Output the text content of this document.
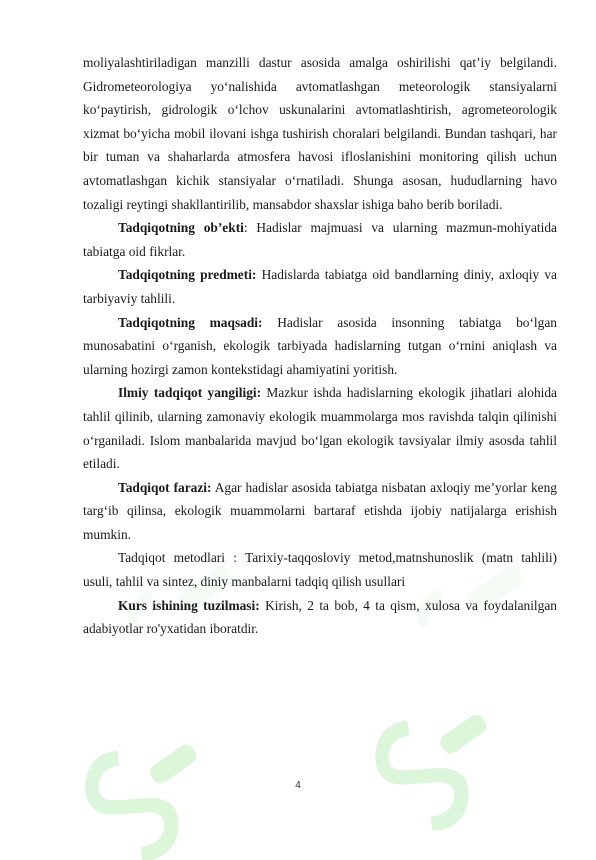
moliyalashtiriladigan manzilli dastur asosida amalga oshirilishi qat’iy belgilandi. Gidrometeorologiya yo‘nalishida avtomatlashgan meteorologik stansiyalarni ko‘paytirish, gidrologik o‘lchov uskunalarini avtomatlashtirish, agrometeorologik xizmat bo‘yicha mobil ilovani ishga tushirish choralari belgilandi. Bundan tashqari, har bir tuman va shaharlarda atmosfera havosi ifloslanishini monitoring qilish uchun avtomatlashgan kichik stansiyalar o‘rnatiladi. Shunga asosan, hududlarning havo tozaligi reytingi shakllantirilib, mansabdor shaxslar ishiga baho berib boriladi.

Tadqiqotning ob’ekti: Hadislar majmuasi va ularning mazmun-mohiyatida tabiatga oid fikrlar.

Tadqiqotning predmeti: Hadislarda tabiatga oid bandlarning diniy, axloqiy va tarbiyaviy tahlili.

Tadqiqotning maqsadi: Hadislar asosida insonning tabiatga bo‘lgan munosabatini o‘rganish, ekologik tarbiyada hadislarning tutgan o‘rnini aniqlash va ularning hozirgi zamon kontekstidagi ahamiyatini yoritish.

Ilmiy tadqiqot yangiligi: Mazkur ishda hadislarning ekologik jihatlari alohida tahlil qilinib, ularning zamonaviy ekologik muammolarga mos ravishda talqin qilinishi o‘rganiladi. Islom manbalarida mavjud bo‘lgan ekologik tavsiyalar ilmiy asosda tahlil etiladi.

Tadqiqot farazi: Agar hadislar asosida tabiatga nisbatan axloqiy me’yorlar keng targ‘ib qilinsa, ekologik muammolarni bartaraf etishda ijobiy natijalarga erishish mumkin.

Tadqiqot metodlari : Tarixiy-taqqosloviy metod,matnshunoslik (matn tahlili) usuli, tahlil va sintez, diniy manbalarni tadqiq qilish usullari

Kurs ishining tuzilmasi: Kirish, 2 ta bob, 4 ta qism, xulosa va foydalanilgan adabiyotlar ro'yxatidan iboratdir.

4
